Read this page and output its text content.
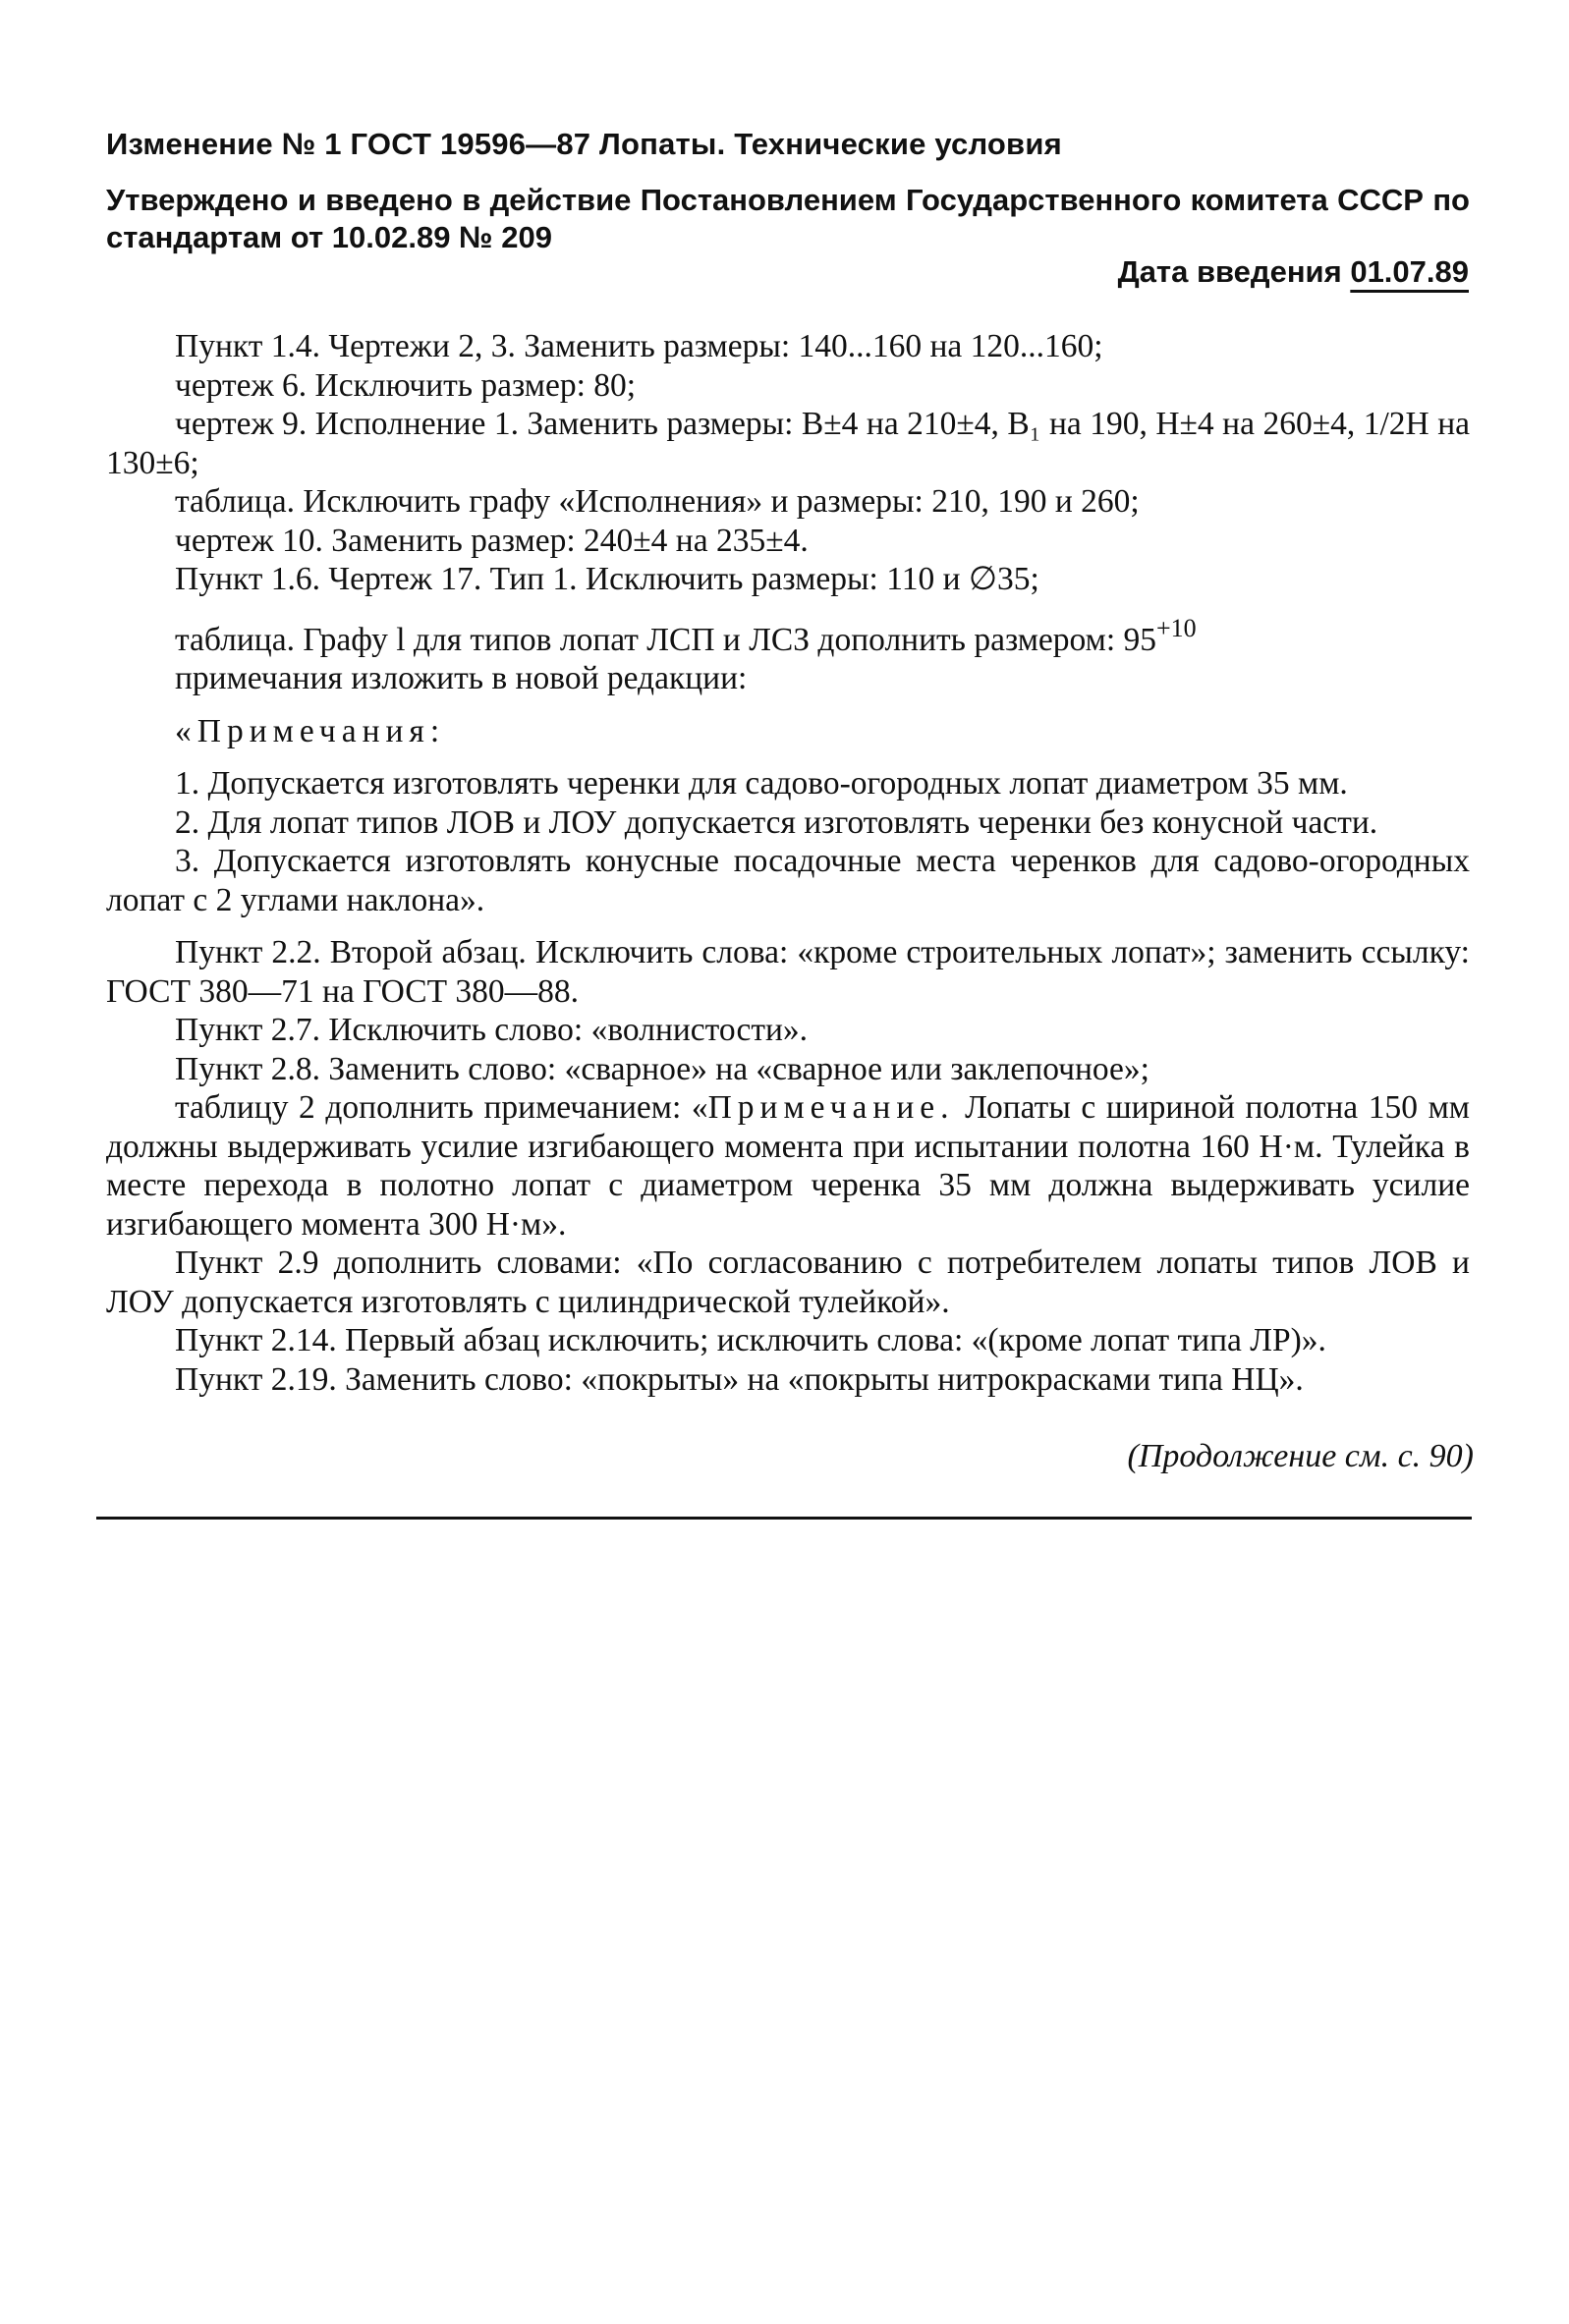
Изменение № 1 ГОСТ 19596—87 Лопаты. Технические условия
Утверждено и введено в действие Постановлением Государственного комитета СССР по стандартам от 10.02.89 № 209
Дата введения 01.07.89

Пункт 1.4. Чертежи 2, 3. Заменить размеры: 140...160 на 120...160;

чертеж 6. Исключить размер: 80;

чертеж 9. Исполнение 1. Заменить размеры: B±4 на 210±4, B₁ на 190, H±4 на 260±4, 1/2H на 130±6;

таблица. Исключить графу «Исполнения» и размеры: 210, 190 и 260;

чертеж 10. Заменить размер: 240±4 на 235±4.

Пункт 1.6. Чертеж 17. Тип 1. Исключить размеры: 110 и ∅35;

таблица. Графу l для типов лопат ЛСП и ЛСЗ дополнить размером: $95^{+10}$

примечания изложить в новой редакции:

«Примечания:

1. Допускается изготовлять черенки для садово-огородных лопат диаметром 35 мм.

2. Для лопат типов ЛОВ и ЛОУ допускается изготовлять черенки без конусной части.

3. Допускается изготовлять конусные посадочные места черенков для садово-огородных лопат с 2 углами наклона».

Пункт 2.2. Второй абзац. Исключить слова: «кроме строительных лопат»; заменить ссылку: ГОСТ 380—71 на ГОСТ 380—88.

Пункт 2.7. Исключить слово: «волнистости».

Пункт 2.8. Заменить слово: «сварное» на «сварное или заклепочное»;

таблицу 2 дополнить примечанием: «Примечание. Лопаты с шириной полотна 150 мм должны выдерживать усилие изгибающего момента при испытании полотна 160 Н·м. Тулейка в месте перехода в полотно лопат с диаметром черенка 35 мм должна выдерживать усилие изгибающего момента 300 Н·м».

Пункт 2.9 дополнить словами: «По согласованию с потребителем лопаты типов ЛОВ и ЛОУ допускается изготовлять с цилиндрической тулейкой».

Пункт 2.14. Первый абзац исключить; исключить слова: «(кроме лопат типа ЛР)».

Пункт 2.19. Заменить слово: «покрыты» на «покрыты нитрокрасками типа НЦ».

(Продолжение см. с. 90)
